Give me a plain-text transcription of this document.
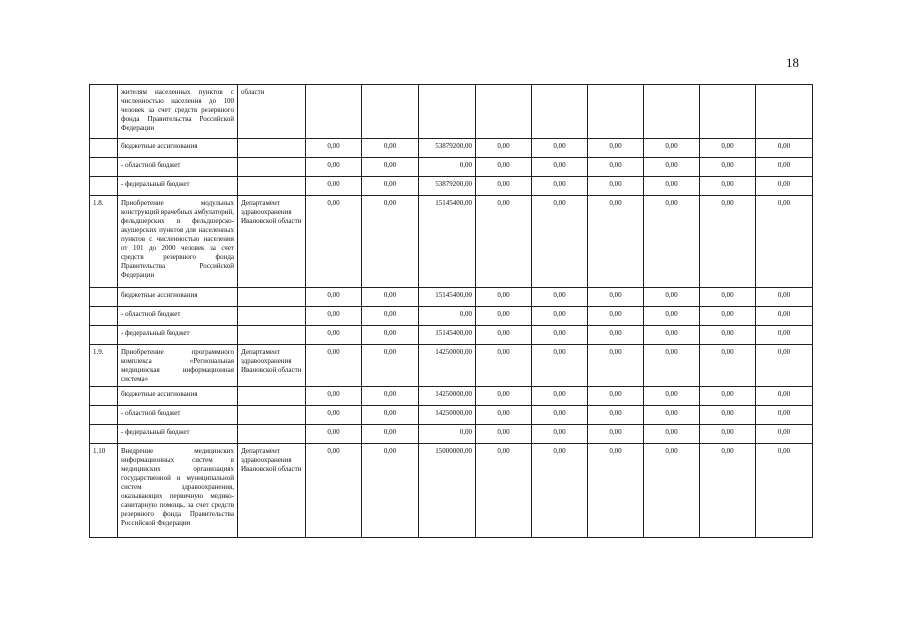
18
	жителям населенных пунктов с численностью населения до 100 человек за счет средств резервного фонда Правительства Российской Федерации	области									
	бюджетные ассигнования		0,00	0,00	53879200,00	0,00	0,00	0,00	0,00	0,00	0,00
	- областной бюджет		0,00	0,00	0,00	0,00	0,00	0,00	0,00	0,00	0,00
	- федеральный бюджет		0,00	0,00	53879200,00	0,00	0,00	0,00	0,00	0,00	0,00
1.8.	Приобретение модульных конструкций врачебных амбулаторий, фельдшерских и фельдшерско-акушерских пунктов для населенных пунктов с численностью населения от 101 до 2000 человек за счет средств резервного фонда Правительства Российской Федерации	Департамент здравоохранения Ивановской области	0,00	0,00	15145400,00	0,00	0,00	0,00	0,00	0,00	0,00
	бюджетные ассигнования		0,00	0,00	15145400,00	0,00	0,00	0,00	0,00	0,00	0,00
	- областной бюджет		0,00	0,00	0,00	0,00	0,00	0,00	0,00	0,00	0,00
	- федеральный бюджет		0,00	0,00	15145400,00	0,00	0,00	0,00	0,00	0,00	0,00
1.9.	Приобретение программного комплекса «Региональная медицинская информационная система»	Департамент здравоохранения Ивановской области	0,00	0,00	14250000,00	0,00	0,00	0,00	0,00	0,00	0,00
	бюджетные ассигнования		0,00	0,00	14250000,00	0,00	0,00	0,00	0,00	0,00	0,00
	- областной бюджет		0,00	0,00	14250000,00	0,00	0,00	0,00	0,00	0,00	0,00
	- федеральный бюджет		0,00	0,00	0,00	0,00	0,00	0,00	0,00	0,00	0,00
1.10	Внедрение медицинских информационных систем в медицинских организациях государственной и муниципальной систем здравоохранения, оказывающих первичную медико-санитарную помощь, за счет средств резервного фонда Правительства Российской Федерации	Департамент здравоохранения Ивановской области	0,00	0,00	15000000,00	0,00	0,00	0,00	0,00	0,00	0,00
